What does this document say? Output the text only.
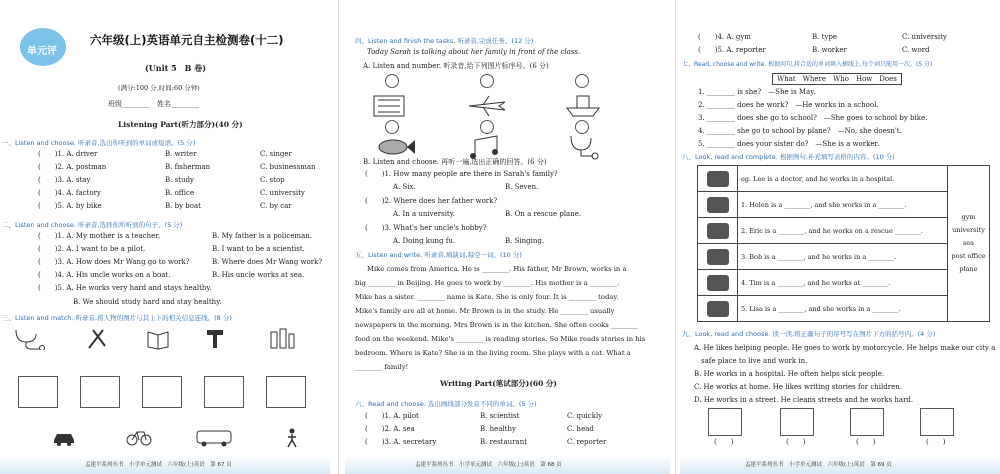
单元评
六年级(上)英语单元自主检测卷(十二)
(Unit 5　B 卷)
(满分:100 分,时间:60 分钟)
班级________　姓名________
Listening Part(听力部分)(40 分)
一、Listen and choose. 听录音,选出你听到的单词或短语。(5 分)
(　　)1. A. driver	B. writer	C. singer
(　　)2. A. postman	B. fisherman	C. businessman
(　　)3. A. stay	B. study	C. stop
(　　)4. A. factory	B. office	C. university
(　　)5. A. by bike	B. by boat	C. by car
二、Listen and choose. 听录音,选择你所听到的句子。(5 分)
(　　)1. A. My mother is a teacher.	B. My father is a policeman.
(　　)2. A. I want to be a pilot.	B. I want to be a scientist.
(　　)3. A. How does Mr Wang go to work?	B. Where does Mr Wang work?
(　　)4. A. His uncle works on a boat.	B. His uncle works at sea.
(　　)5. A. He works very hard and stays healthy.
B. We should study hard and stay healthy.
三、Listen and match. 听录音,将人物的图片与其上下的相关信息连线。(8 分)
孟建平系列丛书　小学单元测试　六年级(上)英语　第 67 页
四、Listen and finish the tasks. 听录音,完成任务。(12 分)
Today Sarah is talking about her family in front of the class.
A. Listen and number. 听录音,给下列图片标序号。(6 分)
B. Listen and choose. 再听一遍,选出正确的回答。(6 分)
(　　)1. How many people are there in Sarah's family?
A. Six.	B. Seven.
(　　)2. Where does her father work?
A. In a university.	B. On a rescue plane.
(　　)3. What's her uncle's hobby?
A. Doing kung fu.	B. Singing.
五、Listen and write. 听录音,填缺词,每空一词。(10 分)
Mike comes from America. He is ________. His father, Mr Brown, works in a
big ________ in Beijing. He goes to work by ________. His mother is a ________.
Mike has a sister. ________ name is Kate. She is only four. It is ________ today.
Mike's family are all at home. Mr Brown is in the study. He ________ usually
newspapers in the morning. Mrs Brown is in the kitchen. She often cooks ________
food on the weekend. Mike's ________ is reading stories. So Mike reads stories in his
bedroom. Where is Kate? She is in the living room. She plays with a cat. What a
________ family!
Writing Part(笔试部分)(60 分)
六、Read and choose. 选出画线部分发音不同的单词。(5 分)
(　　)1. A. pilot	B. scientist	C. quickly
(　　)2. A. sea	B. healthy	C. head
(　　)3. A. secretary	B. restaurant	C. reporter
孟建平系列丛书　小学单元测试　六年级(上)英语　第 68 页
(　　)4. A. gym	B. type	C. university
(　　)5. A. reporter	B. worker	C. word
七、Read, choose and write. 根据问句,将合适的单词填入横线上,每个词只能用一次。(5 分)
What　Where　Who　How　Does
1. ________ is she?　—She is May.
2. ________ does he work?　—He works in a school.
3. ________ does she go to school?　—She goes to school by bike.
4. ________ she go to school by plane?　—No, she doesn't.
5. ________ does your sister do?　—She is a worker.
八、Look, read and complete. 根据例句,补充填写表格的内容。(10 分)
	eg. Lee is a doctor, and he works in a hospital.	gym
university
sea
post office
plane

	1. Helen is a ________, and she works in a ________.	

	2. Eric is a ________, and he works on a rescue ________.	

	3. Bob is a ________, and he works in a ________.	

	4. Tim is a ________, and he works at ________.	

	5. Lisa is a ________, and she works in a ________.	
九、Look, read and choose. 读一读,将正确句子的序号写在图片下方的括号内。(4 分)
A. He likes helping people. He goes to work by motorcycle. He helps make our city a
　safe place to live and work in.
B. He works in a hospital. He often helps sick people.
C. He works at home. He likes writing stories for children.
D. He works in a street. He cleans streets and he works hard.
(　　)	(　　)	(　　)	(　　)
孟建平系列丛书　小学单元测试　六年级(上)英语　第 69 页
